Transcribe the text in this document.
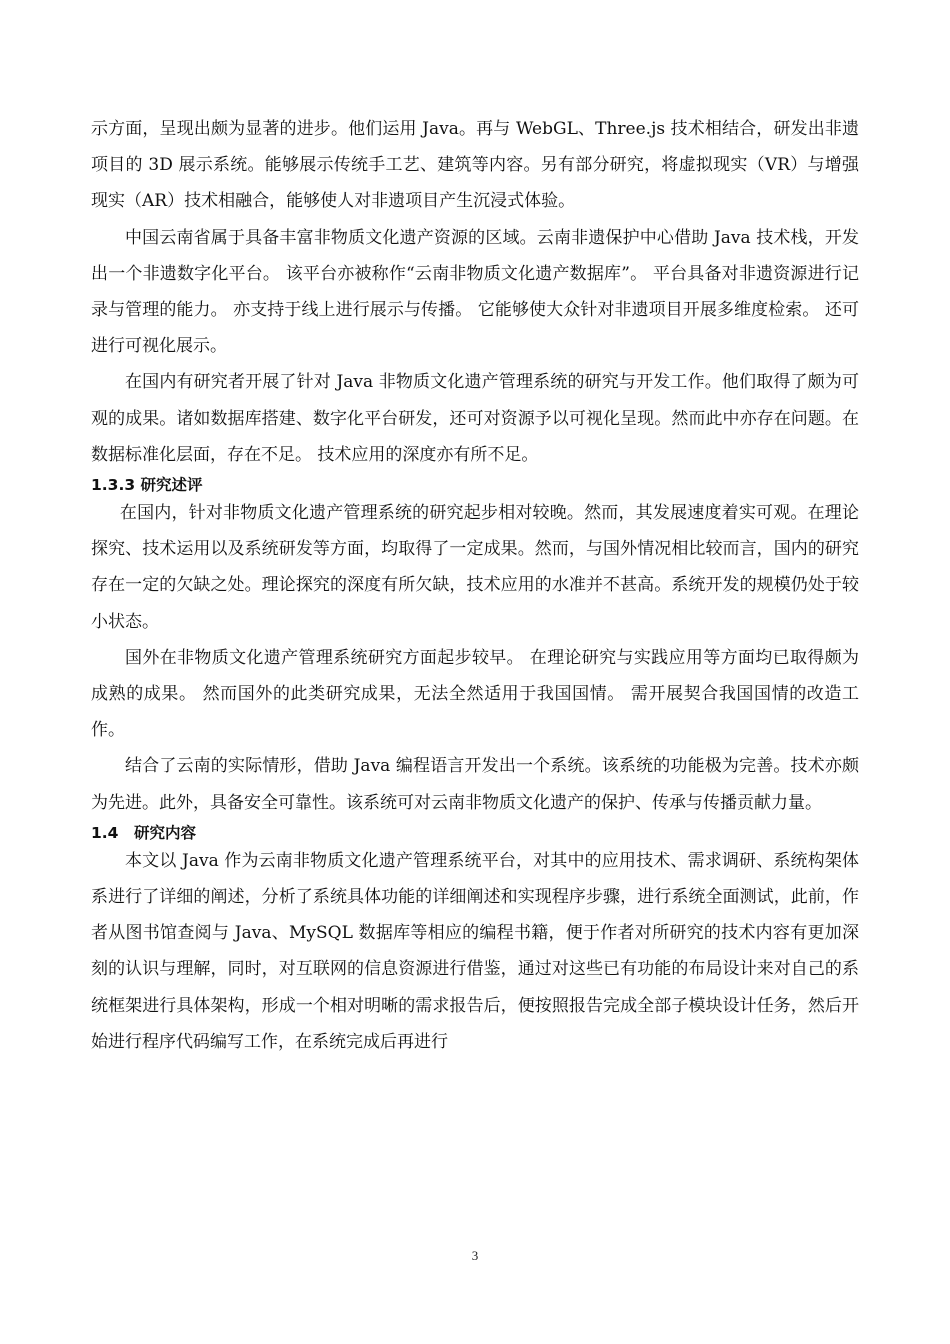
示方面，呈现出颇为显著的进步。他们运用 Java。再与 WebGL、Three.js 技术相结合，研发出非遗项目的 3D 展示系统。能够展示传统手工艺、建筑等内容。另有部分研究，将虚拟现实（VR）与增强现实（AR）技术相融合，能够使人对非遗项目产生沉浸式体验。

中国云南省属于具备丰富非物质文化遗产资源的区域。云南非遗保护中心借助 Java 技术栈，开发出一个非遗数字化平台。 该平台亦被称作“云南非物质文化遗产数据库”。 平台具备对非遗资源进行记录与管理的能力。 亦支持于线上进行展示与传播。 它能够使大众针对非遗项目开展多维度检索。 还可进行可视化展示。

在国内有研究者开展了针对 Java 非物质文化遗产管理系统的研究与开发工作。他们取得了颇为可观的成果。诸如数据库搭建、数字化平台研发，还可对资源予以可视化呈现。然而此中亦存在问题。在数据标准化层面，存在不足。 技术应用的深度亦有所不足。

1.3.3 研究述评

在国内，针对非物质文化遗产管理系统的研究起步相对较晚。然而，其发展速度着实可观。在理论探究、技术运用以及系统研发等方面，均取得了一定成果。然而，与国外情况相比较而言，国内的研究存在一定的欠缺之处。理论探究的深度有所欠缺，技术应用的水准并不甚高。系统开发的规模仍处于较小状态。

国外在非物质文化遗产管理系统研究方面起步较早。 在理论研究与实践应用等方面均已取得颇为成熟的成果。 然而国外的此类研究成果，无法全然适用于我国国情。 需开展契合我国国情的改造工作。

结合了云南的实际情形，借助 Java 编程语言开发出一个系统。该系统的功能极为完善。技术亦颇为先进。此外，具备安全可靠性。该系统可对云南非物质文化遗产的保护、传承与传播贡献力量。

1.4　研究内容

本文以 Java 作为云南非物质文化遗产管理系统平台，对其中的应用技术、需求调研、系统构架体系进行了详细的阐述，分析了系统具体功能的详细阐述和实现程序步骤，进行系统全面测试，此前，作者从图书馆查阅与 Java、MySQL 数据库等相应的编程书籍，便于作者对所研究的技术内容有更加深刻的认识与理解，同时，对互联网的信息资源进行借鉴，通过对这些已有功能的布局设计来对自己的系统框架进行具体架构，形成一个相对明晰的需求报告后，便按照报告完成全部子模块设计任务，然后开始进行程序代码编写工作，在系统完成后再进行

3
